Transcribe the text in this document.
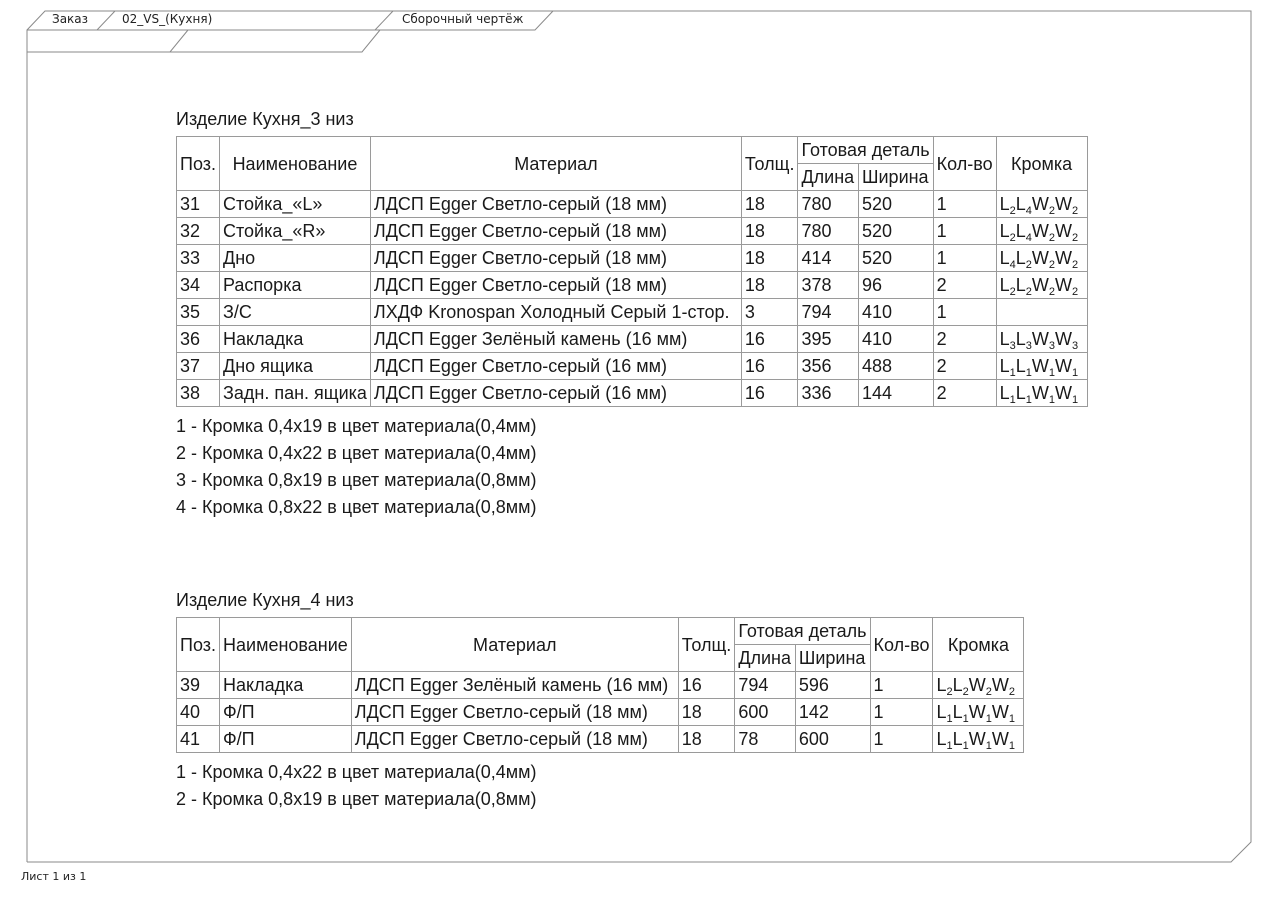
Заказ	02_VS_(Кухня)	Сборочный чертёж
Изделие Кухня_3 низ
Поз.	Наименование	Материал	Толщ.	Готовая деталь		Кол-во	Кромка
				Длина	Ширина		
31	Стойка_«L»	ЛДСП Egger Светло-серый (18 мм)	18	780	520	1	$L_2L_4W_2W_2$
32	Стойка_«R»	ЛДСП Egger Светло-серый (18 мм)	18	780	520	1	$L_2L_4W_2W_2$
33	Дно	ЛДСП Egger Светло-серый (18 мм)	18	414	520	1	$L_4L_2W_2W_2$
34	Распорка	ЛДСП Egger Светло-серый (18 мм)	18	378	96	2	$L_2L_2W_2W_2$
35	З/С	ЛХДФ Kronospan Холодный Серый 1-стор.	3	794	410	1	
36	Накладка	ЛДСП Egger Зелёный камень (16 мм)	16	395	410	2	$L_3L_3W_3W_3$
37	Дно ящика	ЛДСП Egger Светло-серый (16 мм)	16	356	488	2	$L_1L_1W_1W_1$
38	Задн. пан. ящика	ЛДСП Egger Светло-серый (16 мм)	16	336	144	2	$L_1L_1W_1W_1$
1 - Кромка 0,4x19 в цвет материала(0,4мм)
2 - Кромка 0,4x22 в цвет материала(0,4мм)
3 - Кромка 0,8x19 в цвет материала(0,8мм)
4 - Кромка 0,8x22 в цвет материала(0,8мм)
Изделие Кухня_4 низ
Поз.	Наименование	Материал	Толщ.	Готовая деталь		Кол-во	Кромка
				Длина	Ширина		
39	Накладка	ЛДСП Egger Зелёный камень (16 мм)	16	794	596	1	$L_2L_2W_2W_2$
40	Ф/П	ЛДСП Egger Светло-серый (18 мм)	18	600	142	1	$L_1L_1W_1W_1$
41	Ф/П	ЛДСП Egger Светло-серый (18 мм)	18	78	600	1	$L_1L_1W_1W_1$
1 - Кромка 0,4x22 в цвет материала(0,4мм)
2 - Кромка 0,8x19 в цвет материала(0,8мм)
Лист 1 из 1
